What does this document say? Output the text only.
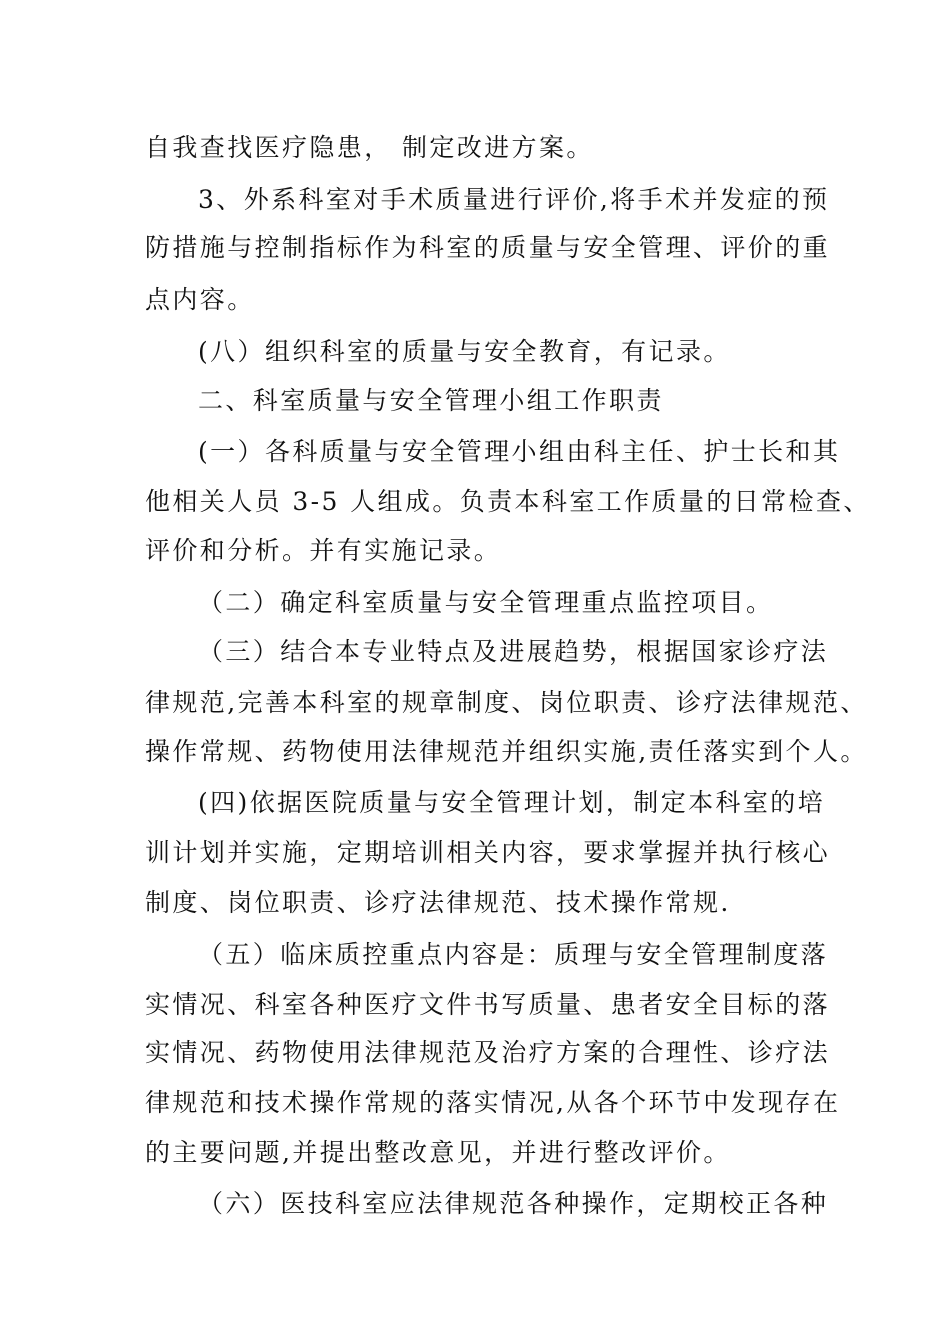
自我查找医疗隐患， 制定改进方案。
3、外系科室对手术质量进行评价,将手术并发症的预
防措施与控制指标作为科室的质量与安全管理、评价的重
点内容。
(八）组织科室的质量与安全教育，有记录。
二、科室质量与安全管理小组工作职责
(一）各科质量与安全管理小组由科主任、护士长和其
他相关人员 3-5 人组成。负责本科室工作质量的日常检查、
评价和分析。并有实施记录。
（二）确定科室质量与安全管理重点监控项目。
（三）结合本专业特点及进展趋势，根据国家诊疗法
律规范,完善本科室的规章制度、岗位职责、诊疗法律规范、
操作常规、药物使用法律规范并组织实施,责任落实到个人。
(四)依据医院质量与安全管理计划，制定本科室的培
训计划并实施，定期培训相关内容，要求掌握并执行核心
制度、岗位职责、诊疗法律规范、技术操作常规.
（五）临床质控重点内容是：质理与安全管理制度落
实情况、科室各种医疗文件书写质量、患者安全目标的落
实情况、药物使用法律规范及治疗方案的合理性、诊疗法
律规范和技术操作常规的落实情况,从各个环节中发现存在
的主要问题,并提出整改意见，并进行整改评价。
（六）医技科室应法律规范各种操作，定期校正各种
